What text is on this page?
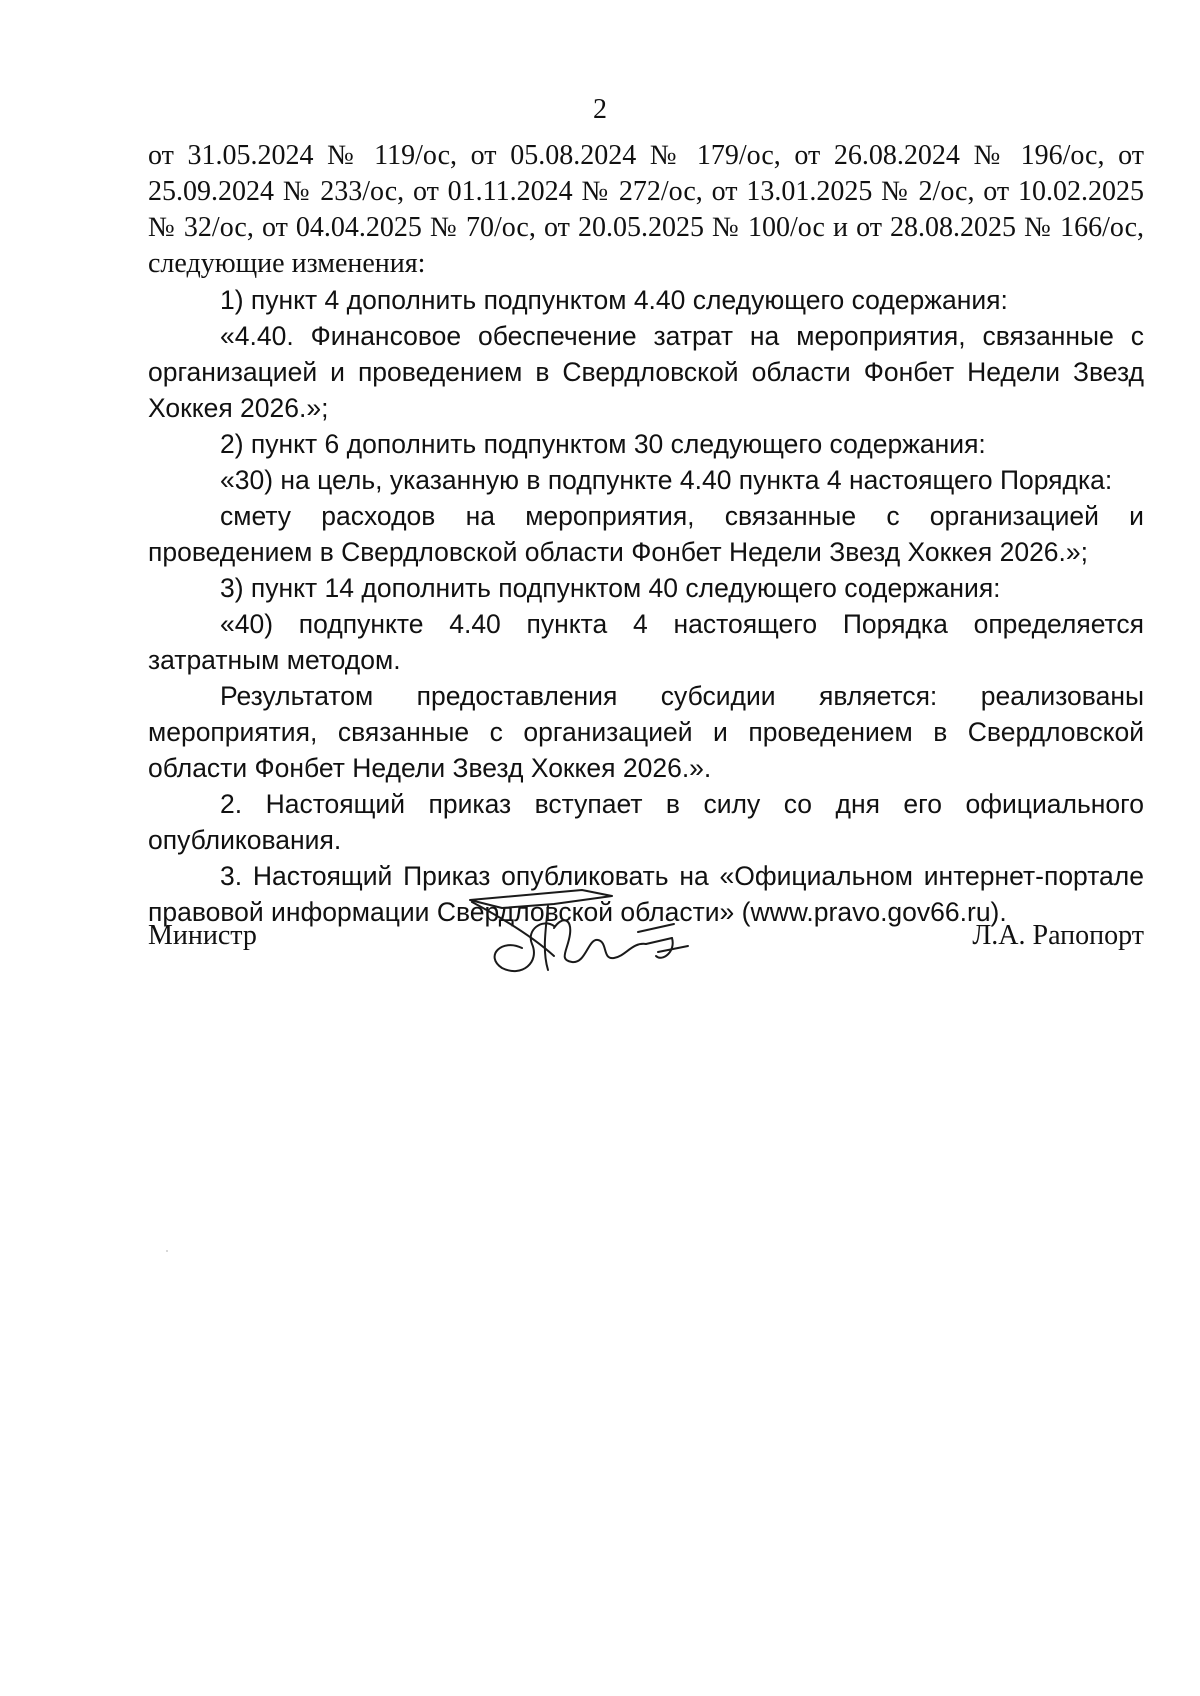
2

от 31.05.2024 № 119/ос, от 05.08.2024 № 179/ос, от 26.08.2024 № 196/ос, от 25.09.2024 № 233/ос, от 01.11.2024 № 272/ос, от 13.01.2025 № 2/ос, от 10.02.2025 № 32/ос, от 04.04.2025 № 70/ос, от 20.05.2025 № 100/ос и от 28.08.2025 № 166/ос, следующие изменения:

1) пункт 4 дополнить подпунктом 4.40 следующего содержания:

«4.40. Финансовое обеспечение затрат на мероприятия, связанные с организацией и проведением в Свердловской области Фонбет Недели Звезд Хоккея 2026.»;

2) пункт 6 дополнить подпунктом 30 следующего содержания:

«30) на цель, указанную в подпункте 4.40 пункта 4 настоящего Порядка:

смету расходов на мероприятия, связанные с организацией и проведением в Свердловской области Фонбет Недели Звезд Хоккея 2026.»;

3) пункт 14 дополнить подпунктом 40 следующего содержания:

«40) подпункте 4.40 пункта 4 настоящего Порядка определяется затратным методом.

Результатом предоставления субсидии является: реализованы мероприятия, связанные с организацией и проведением в Свердловской области Фонбет Недели Звезд Хоккея 2026.».

2. Настоящий приказ вступает в силу со дня его официального опубликования.

3. Настоящий Приказ опубликовать на «Официальном интернет-портале правовой информации Свердловской области» (www.pravo.gov66.ru).

Министр	Л.А. Рапопорт
